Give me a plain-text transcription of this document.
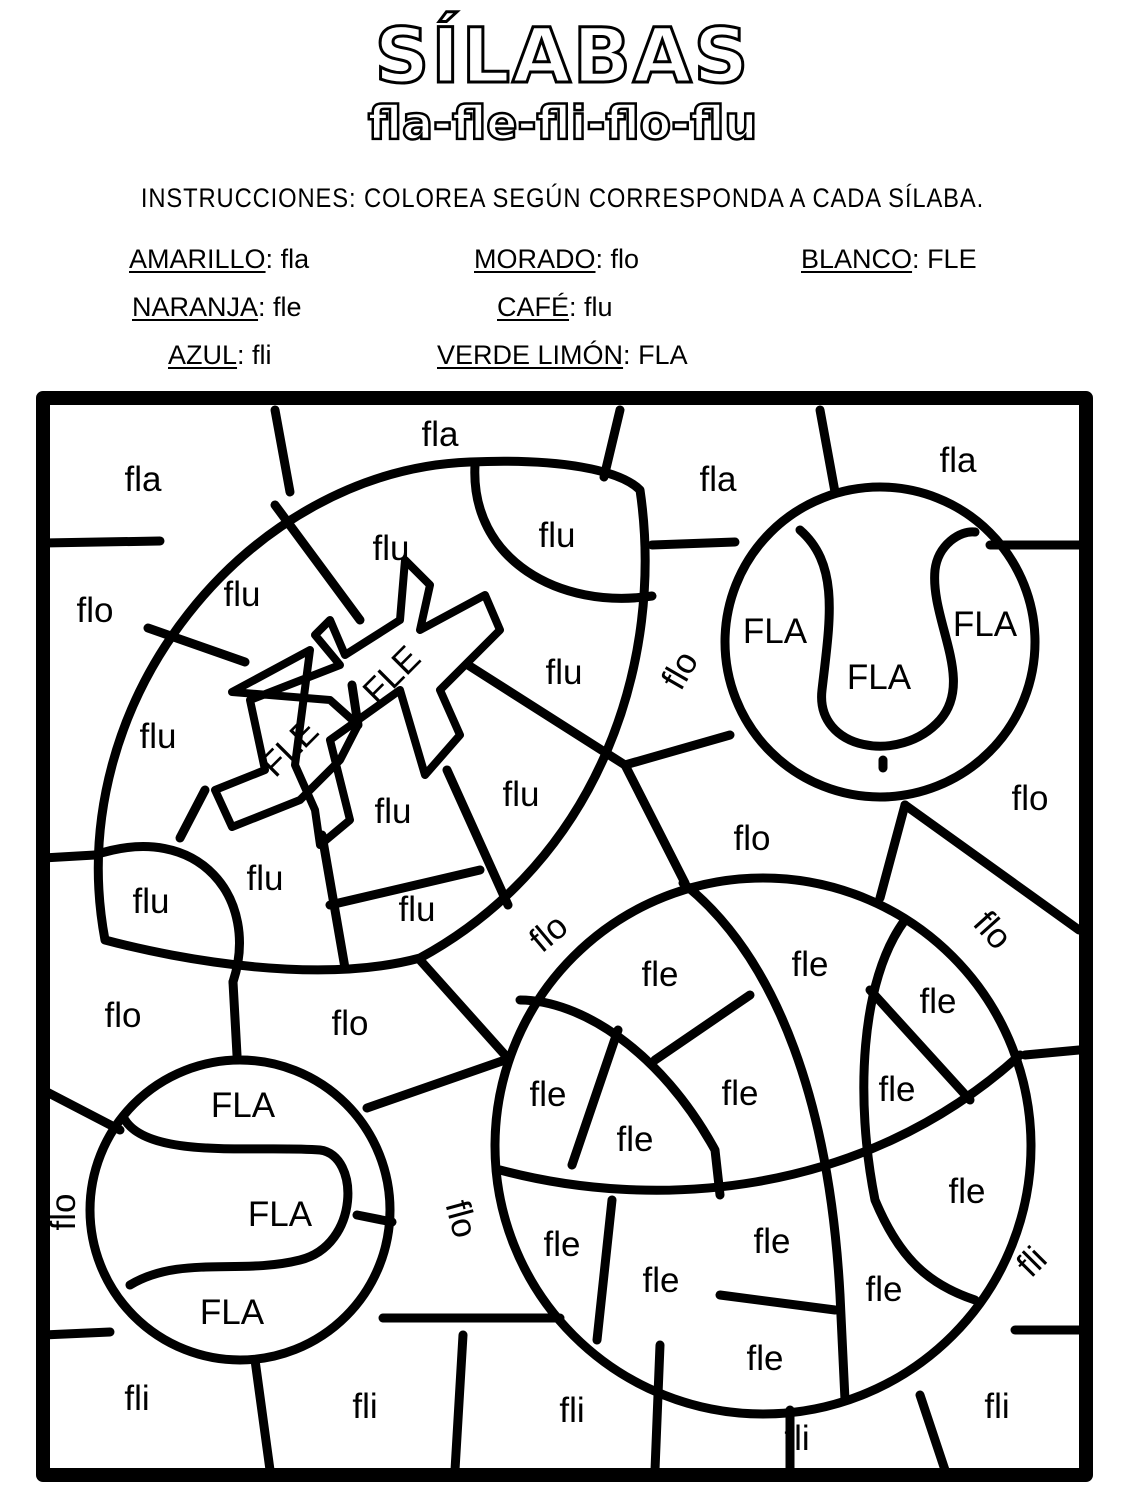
SÍLABAS
fla-fle-fli-flo-flu
INSTRUCCIONES: COLOREA SEGÚN CORRESPONDA A CADA SÍLABA.
AMARILLO: fla
NARANJA: fle
AZUL: fli
MORADO: flo
CAFÉ: flu
VERDE LIMÓN: FLA
BLANCO: FLE
fla
fla
fla	fla
flo
flo
flo
flo
flo	flo
flo	flo
flo	flo
fli
fli	fli	fli
fli
fli
flu	flu
flu
flu
flu
flu
flu
flu
flu	flu
FLE
FLE
FLA
FLA
FLA
FLA
FLA
FLA
fle	fle
fle
fle	fle	fle
fle
fle
fle	fle
fle	fle
fle
